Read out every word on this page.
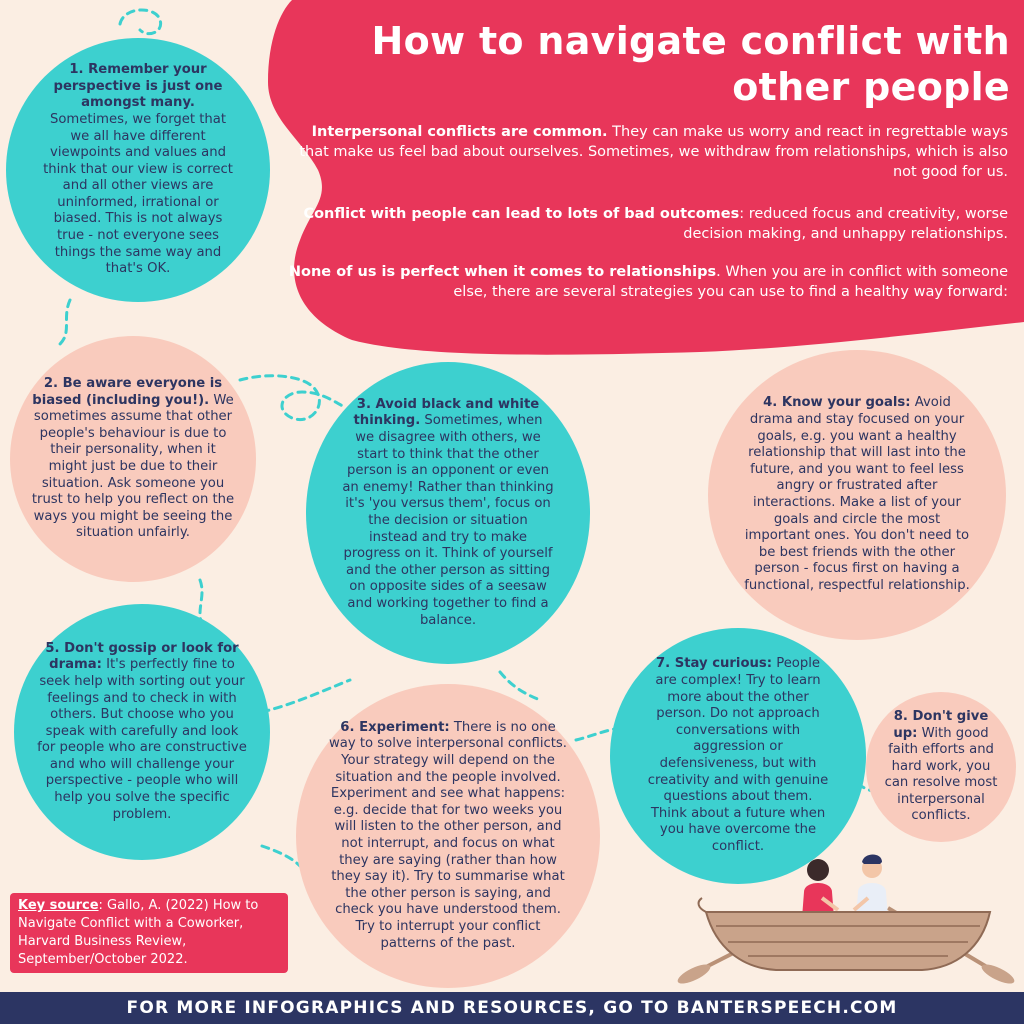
How to navigate conflict with
other people
Interpersonal conflicts are common. They can make us worry and react in regrettable ways that make us feel bad about ourselves. Sometimes, we withdraw from relationships, which is also not good for us.
Conflict with people can lead to lots of bad outcomes: reduced focus and creativity, worse decision making, and unhappy relationships.
None of us is perfect when it comes to relationships. When you are in conflict with someone else, there are several strategies you can use to find a healthy way forward:
1. Remember your perspective is just one amongst many. Sometimes, we forget that we all have different viewpoints and values and think that our view is correct and all other views are uninformed, irrational or biased. This is not always true - not everyone sees things the same way and that's OK.
2. Be aware everyone is biased (including you!). We sometimes assume that other people's behaviour is due to their personality, when it might just be due to their situation. Ask someone you trust to help you reflect on the ways you might be seeing the situation unfairly.
3. Avoid black and white thinking. Sometimes, when we disagree with others, we start to think that the other person is an opponent or even an enemy! Rather than thinking it's 'you versus them', focus on the decision or situation instead and try to make progress on it. Think of yourself and the other person as sitting on opposite sides of a seesaw and working together to find a balance.
4. Know your goals: Avoid drama and stay focused on your goals, e.g. you want a healthy relationship that will last into the future, and you want to feel less angry or frustrated after interactions. Make a list of your goals and circle the most important ones. You don't need to be best friends with the other person - focus first on having a functional, respectful relationship.
5. Don't gossip or look for drama: It's perfectly fine to seek help with sorting out your feelings and to check in with others. But choose who you speak with carefully and look for people who are constructive and who will challenge your perspective - people who will help you solve the specific problem.
6. Experiment: There is no one way to solve interpersonal conflicts. Your strategy will depend on the situation and the people involved. Experiment and see what happens: e.g. decide that for two weeks you will listen to the other person, and not interrupt, and focus on what they are saying (rather than how they say it). Try to summarise what the other person is saying, and check you have understood them. Try to interrupt your conflict patterns of the past.
7. Stay curious: People are complex! Try to learn more about the other person. Do not approach conversations with aggression or defensiveness, but with creativity and with genuine questions about them. Think about a future when you have overcome the conflict.
8. Don't give up: With good faith efforts and hard work, you can resolve most interpersonal conflicts.
Key source: Gallo, A. (2022) How to Navigate Conflict with a Coworker, Harvard Business Review, September/October 2022.
FOR MORE INFOGRAPHICS AND RESOURCES, GO TO BANTERSPEECH.COM
